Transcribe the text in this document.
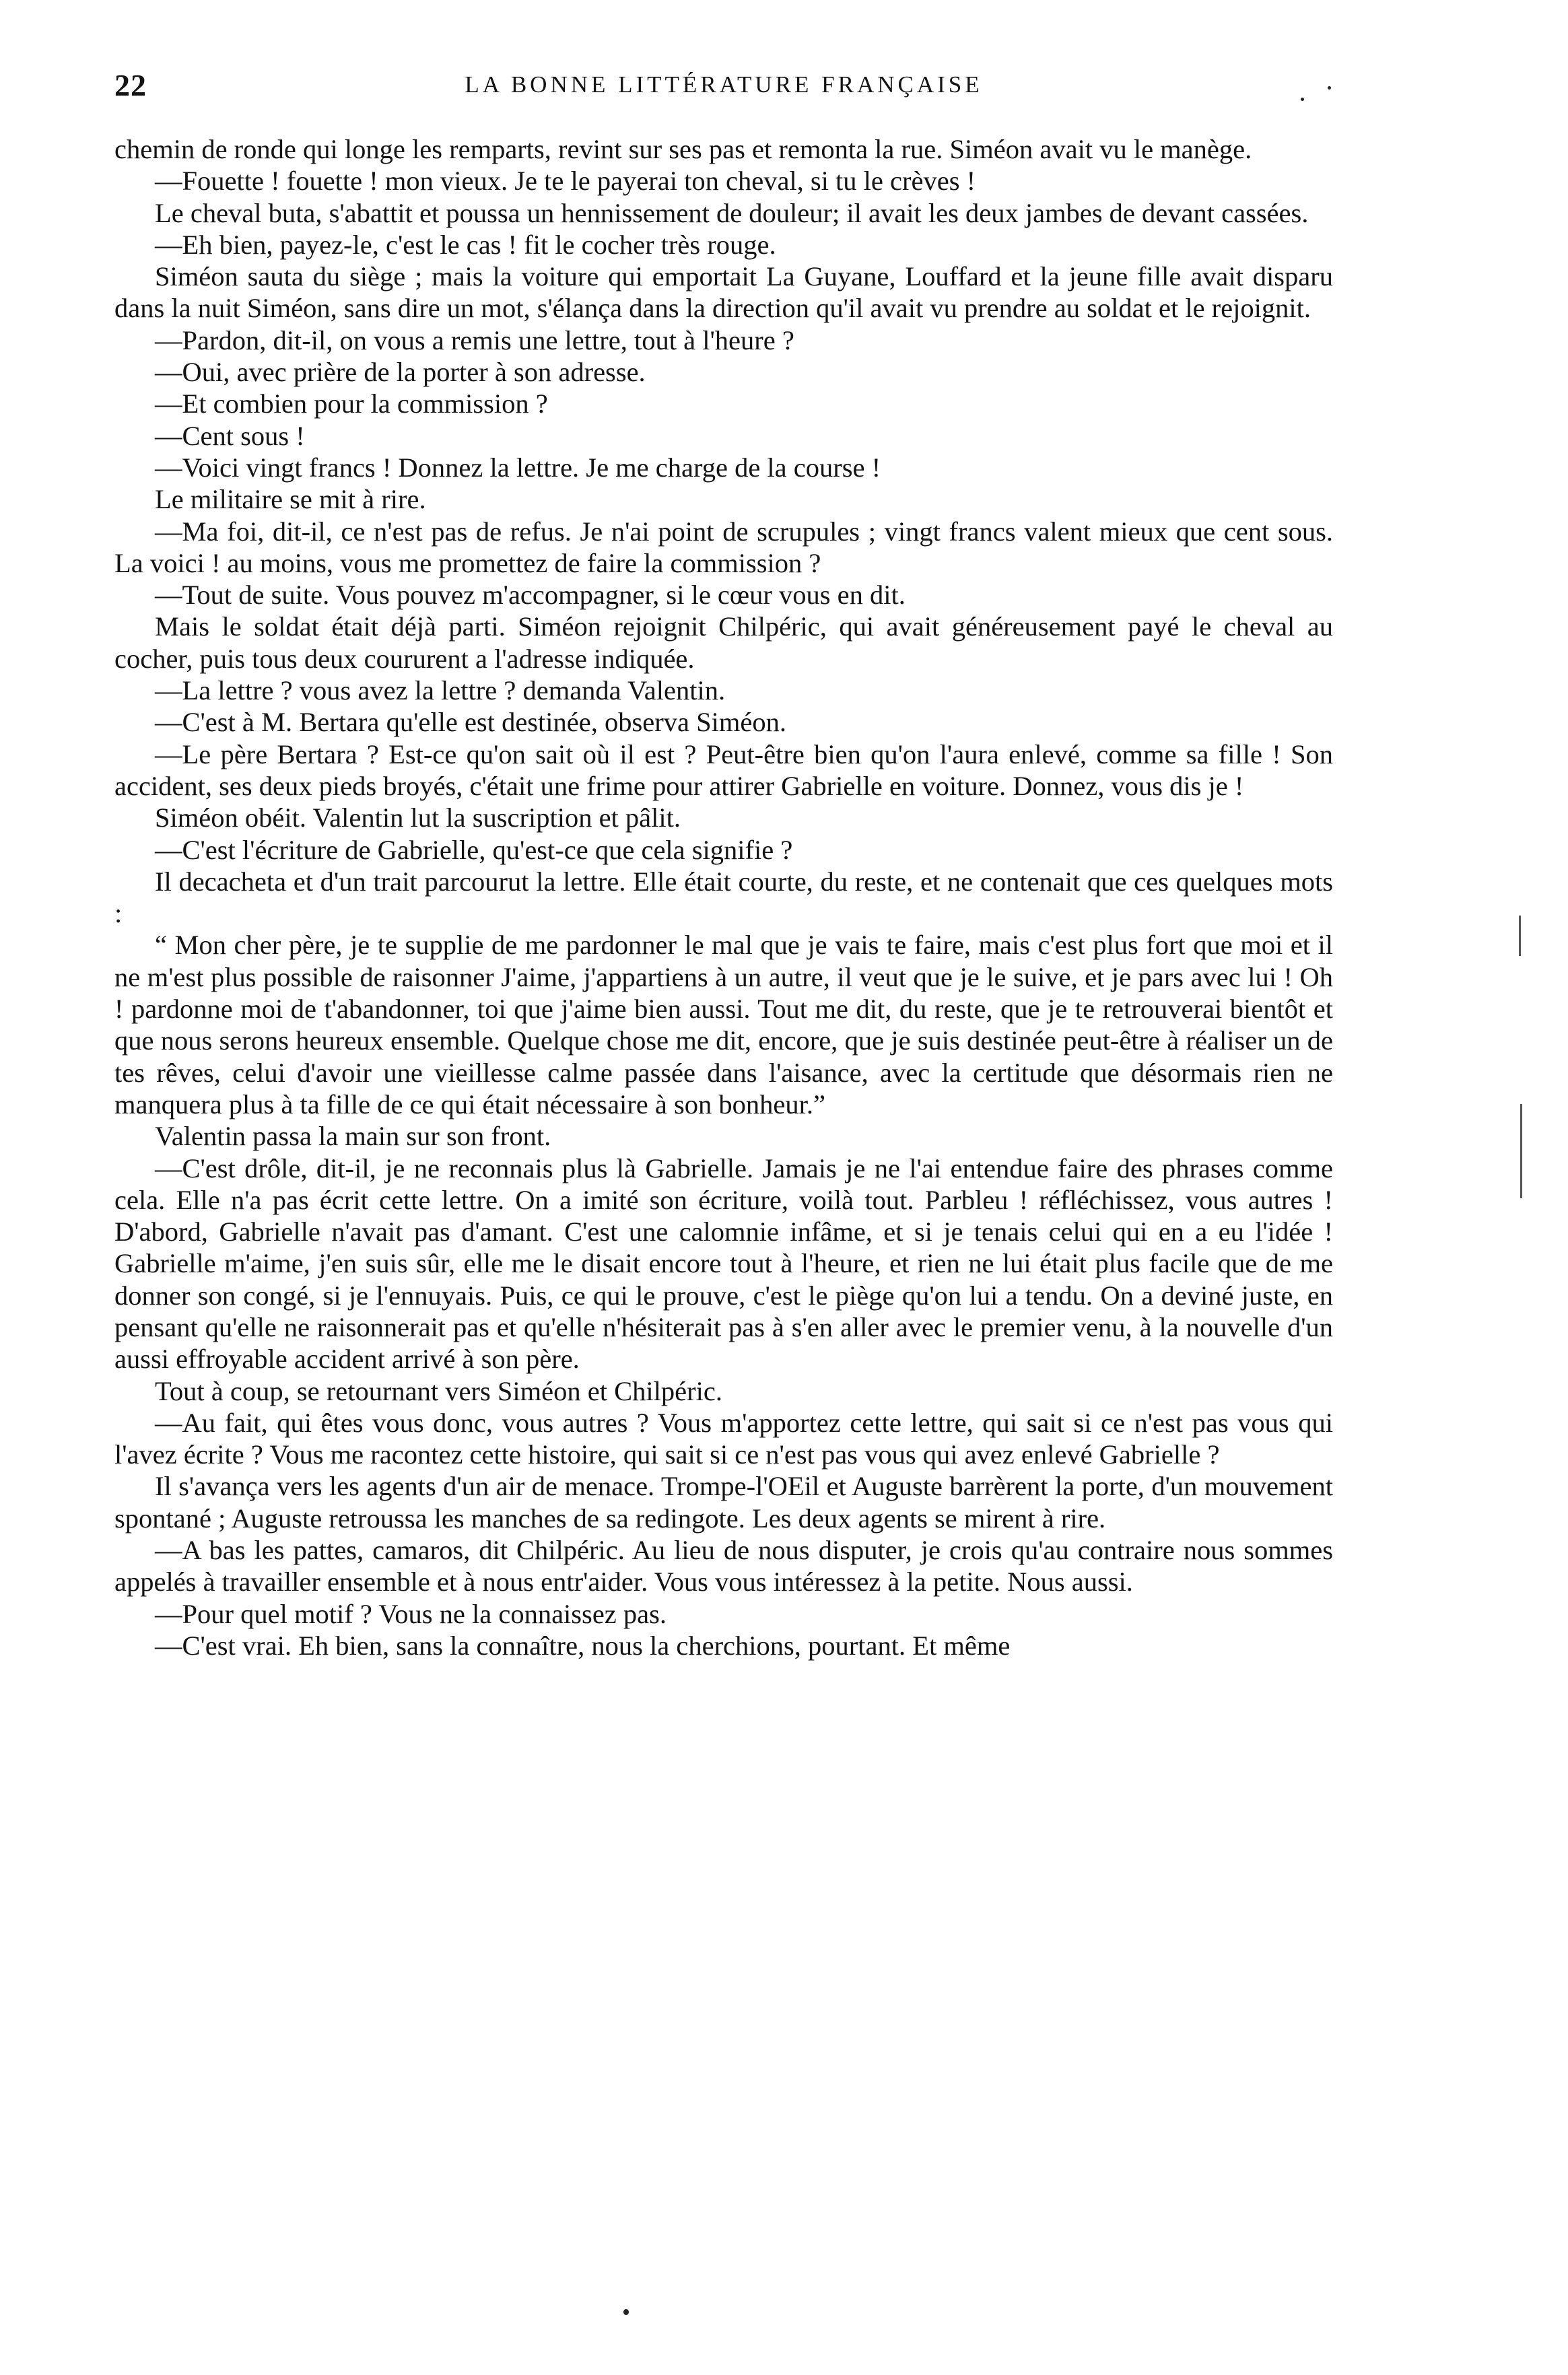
22	LA BONNE LITTÉRATURE FRANÇAISE

chemin de ronde qui longe les remparts, revint sur ses pas et remonta la rue. Siméon avait vu le manège.

—Fouette ! fouette ! mon vieux. Je te le payerai ton cheval, si tu le crèves !

Le cheval buta, s'abattit et poussa un hennissement de douleur; il avait les deux jambes de devant cassées.

—Eh bien, payez-le, c'est le cas ! fit le cocher très rouge.

Siméon sauta du siège ; mais la voiture qui emportait La Guyane, Louffard et la jeune fille avait disparu dans la nuit Siméon, sans dire un mot, s'élança dans la direction qu'il avait vu prendre au soldat et le rejoignit.

—Pardon, dit-il, on vous a remis une lettre, tout à l'heure ?

—Oui, avec prière de la porter à son adresse.

—Et combien pour la commission ?

—Cent sous !

—Voici vingt francs ! Donnez la lettre. Je me charge de la course !

Le militaire se mit à rire.

—Ma foi, dit-il, ce n'est pas de refus. Je n'ai point de scrupules ; vingt francs valent mieux que cent sous. La voici ! au moins, vous me promettez de faire la commission ?

—Tout de suite. Vous pouvez m'accompagner, si le cœur vous en dit.

Mais le soldat était déjà parti. Siméon rejoignit Chilpéric, qui avait généreusement payé le cheval au cocher, puis tous deux coururent a l'adresse indiquée.

—La lettre ? vous avez la lettre ? demanda Valentin.

—C'est à M. Bertara qu'elle est destinée, observa Siméon.

—Le père Bertara ? Est-ce qu'on sait où il est ? Peut-être bien qu'on l'aura enlevé, comme sa fille ! Son accident, ses deux pieds broyés, c'était une frime pour attirer Gabrielle en voiture. Donnez, vous dis je !

Siméon obéit. Valentin lut la suscription et pâlit.

—C'est l'écriture de Gabrielle, qu'est-ce que cela signifie ?

Il decacheta et d'un trait parcourut la lettre. Elle était courte, du reste, et ne contenait que ces quelques mots :

“ Mon cher père, je te supplie de me pardonner le mal que je vais te faire, mais c'est plus fort que moi et il ne m'est plus possible de raisonner J'aime, j'appartiens à un autre, il veut que je le suive, et je pars avec lui ! Oh ! pardonne moi de t'abandonner, toi que j'aime bien aussi. Tout me dit, du reste, que je te retrouverai bientôt et que nous serons heureux ensemble. Quelque chose me dit, encore, que je suis destinée peut-être à réaliser un de tes rêves, celui d'avoir une vieillesse calme passée dans l'aisance, avec la certitude que désormais rien ne manquera plus à ta fille de ce qui était nécessaire à son bonheur.”

Valentin passa la main sur son front.

—C'est drôle, dit-il, je ne reconnais plus là Gabrielle. Jamais je ne l'ai entendue faire des phrases comme cela. Elle n'a pas écrit cette lettre. On a imité son écriture, voilà tout. Parbleu ! réfléchissez, vous autres ! D'abord, Gabrielle n'avait pas d'amant. C'est une calomnie infâme, et si je tenais celui qui en a eu l'idée ! Gabrielle m'aime, j'en suis sûr, elle me le disait encore tout à l'heure, et rien ne lui était plus facile que de me donner son congé, si je l'ennuyais. Puis, ce qui le prouve, c'est le piège qu'on lui a tendu. On a deviné juste, en pensant qu'elle ne raisonnerait pas et qu'elle n'hésiterait pas à s'en aller avec le premier venu, à la nouvelle d'un aussi effroyable accident arrivé à son père.

Tout à coup, se retournant vers Siméon et Chilpéric.

—Au fait, qui êtes vous donc, vous autres ? Vous m'apportez cette lettre, qui sait si ce n'est pas vous qui l'avez écrite ? Vous me racontez cette histoire, qui sait si ce n'est pas vous qui avez enlevé Gabrielle ?

Il s'avança vers les agents d'un air de menace. Trompe-l'OEil et Auguste barrèrent la porte, d'un mouvement spontané ; Auguste retroussa les manches de sa redingote. Les deux agents se mirent à rire.

—A bas les pattes, camaros, dit Chilpéric. Au lieu de nous disputer, je crois qu'au contraire nous sommes appelés à travailler ensemble et à nous entr'aider. Vous vous intéressez à la petite. Nous aussi.

—Pour quel motif ? Vous ne la connaissez pas.

—C'est vrai. Eh bien, sans la connaître, nous la cherchions, pourtant. Et même
